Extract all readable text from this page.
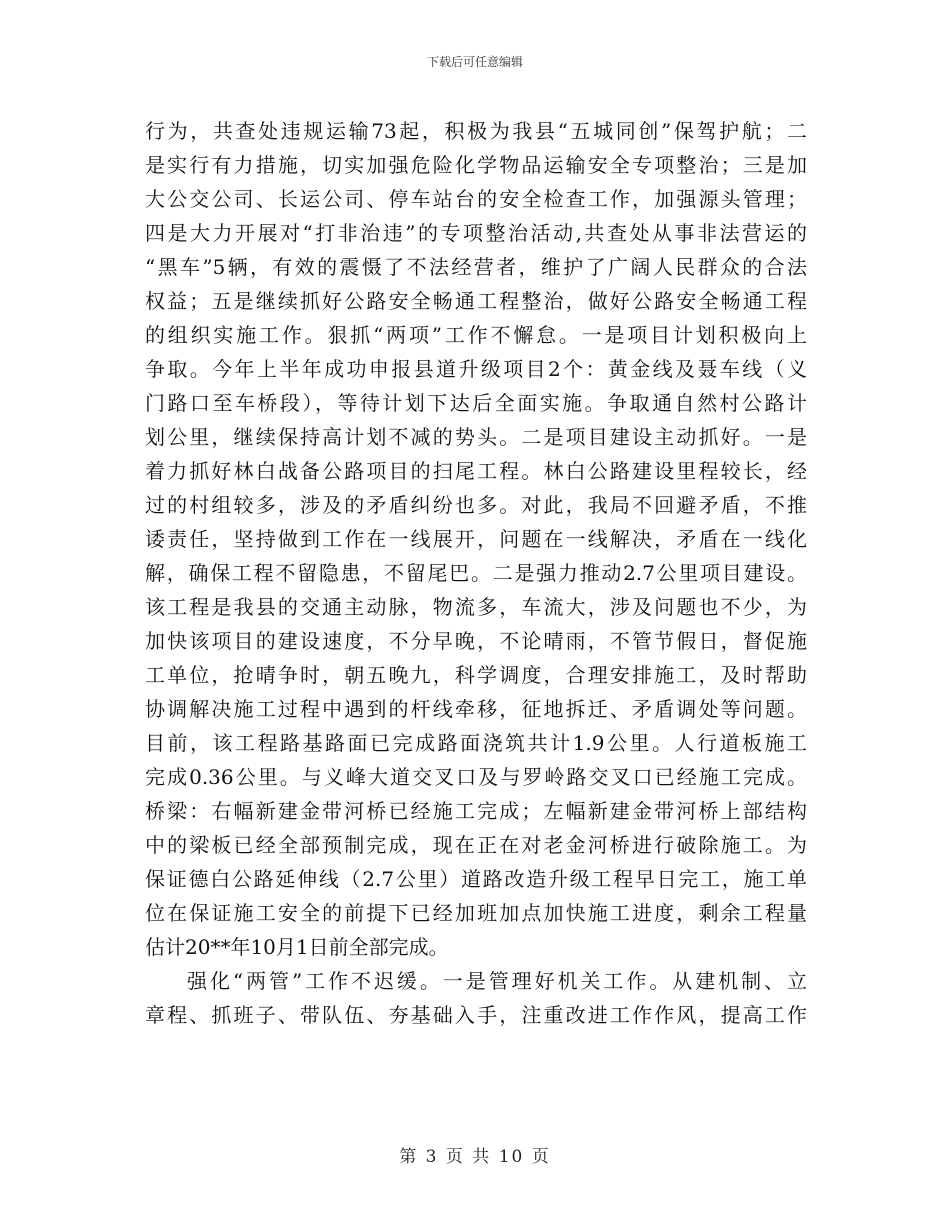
下载后可任意编辑
行为，共查处违规运输73起，积极为我县“五城同创”保驾护航；二
是实行有力措施，切实加强危险化学物品运输安全专项整治；三是加
大公交公司、长运公司、停车站台的安全检查工作，加强源头管理；
四是大力开展对“打非治违”的专项整治活动,共查处从事非法营运的
“黑车”5辆，有效的震慑了不法经营者，维护了广阔人民群众的合法
权益；五是继续抓好公路安全畅通工程整治，做好公路安全畅通工程
的组织实施工作。狠抓“两项”工作不懈怠。一是项目计划积极向上
争取。今年上半年成功申报县道升级项目2个：黄金线及聂车线（义
门路口至车桥段），等待计划下达后全面实施。争取通自然村公路计
划公里，继续保持高计划不减的势头。二是项目建设主动抓好。一是
着力抓好林白战备公路项目的扫尾工程。林白公路建设里程较长，经
过的村组较多，涉及的矛盾纠纷也多。对此，我局不回避矛盾，不推
诿责任，坚持做到工作在一线展开，问题在一线解决，矛盾在一线化
解，确保工程不留隐患，不留尾巴。二是强力推动2.7公里项目建设。
该工程是我县的交通主动脉，物流多，车流大，涉及问题也不少，为
加快该项目的建设速度，不分早晚，不论晴雨，不管节假日，督促施
工单位，抢晴争时，朝五晚九，科学调度，合理安排施工，及时帮助
协调解决施工过程中遇到的杆线牵移，征地拆迁、矛盾调处等问题。
目前，该工程路基路面已完成路面浇筑共计1.9公里。人行道板施工
完成0.36公里。与义峰大道交叉口及与罗岭路交叉口已经施工完成。
桥梁：右幅新建金带河桥已经施工完成；左幅新建金带河桥上部结构
中的梁板已经全部预制完成，现在正在对老金河桥进行破除施工。为
保证德白公路延伸线（2.7公里）道路改造升级工程早日完工，施工单
位在保证施工安全的前提下已经加班加点加快施工进度，剩余工程量
估计20**年10月1日前全部完成。
强化“两管”工作不迟缓。一是管理好机关工作。从建机制、立
章程、抓班子、带队伍、夯基础入手，注重改进工作作风，提高工作
第 3 页 共 10 页
